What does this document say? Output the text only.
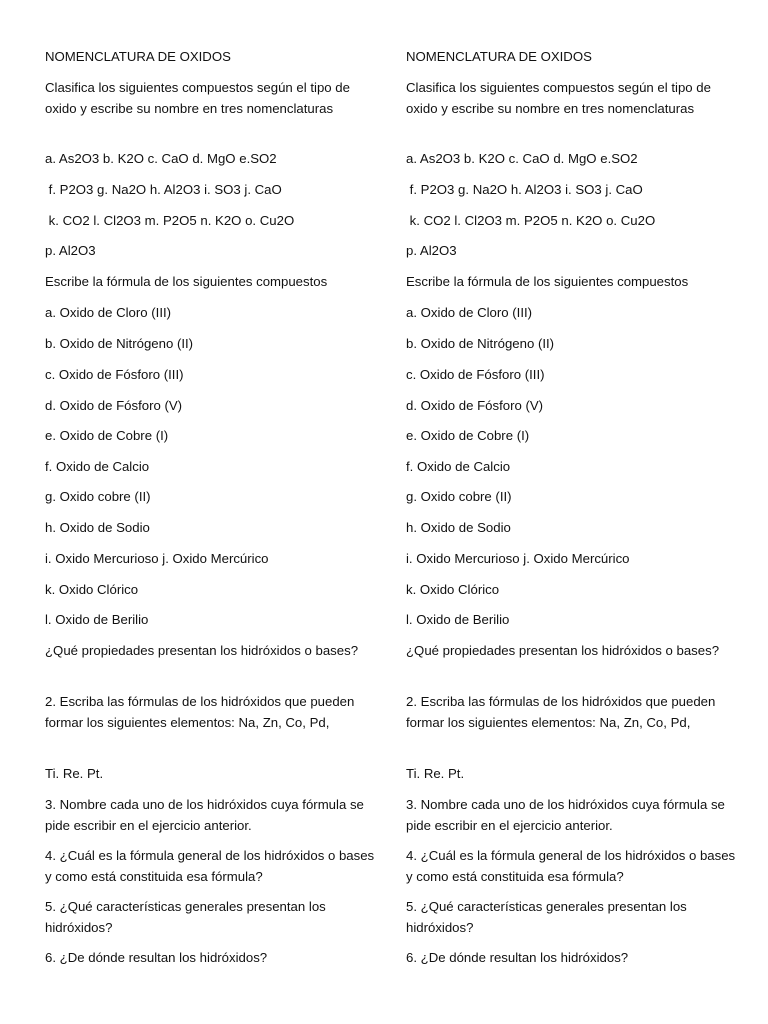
NOMENCLATURA DE OXIDOS
Clasifica los siguientes compuestos según el tipo de oxido y escribe su nombre en tres nomenclaturas
a. As2O3 b. K2O c. CaO d. MgO e.SO2
f. P2O3 g. Na2O h. Al2O3 i. SO3 j. CaO
k. CO2 l. Cl2O3 m. P2O5 n. K2O o. Cu2O
p. Al2O3
Escribe la fórmula de los siguientes compuestos
a. Oxido de Cloro (III)
b. Oxido de Nitrógeno (II)
c. Oxido de Fósforo (III)
d. Oxido de Fósforo (V)
e. Oxido de Cobre (I)
f. Oxido de Calcio
g. Oxido cobre (II)
h. Oxido de Sodio
i. Oxido Mercurioso j. Oxido Mercúrico
k. Oxido Clórico
l. Oxido de Berilio
¿Qué propiedades presentan los hidróxidos o bases?
2. Escriba las fórmulas de los hidróxidos que pueden formar los siguientes elementos: Na, Zn, Co, Pd,
Ti. Re. Pt.
3. Nombre cada uno de los hidróxidos cuya fórmula se pide escribir en el ejercicio anterior.
4. ¿Cuál es la fórmula general de los hidróxidos o bases y como está constituida esa fórmula?
5. ¿Qué características generales presentan los hidróxidos?
6. ¿De dónde resultan los hidróxidos?
NOMENCLATURA DE OXIDOS
Clasifica los siguientes compuestos según el tipo de oxido y escribe su nombre en tres nomenclaturas
a. As2O3 b. K2O c. CaO d. MgO e.SO2
f. P2O3 g. Na2O h. Al2O3 i. SO3 j. CaO
k. CO2 l. Cl2O3 m. P2O5 n. K2O o. Cu2O
p. Al2O3
Escribe la fórmula de los siguientes compuestos
a. Oxido de Cloro (III)
b. Oxido de Nitrógeno (II)
c. Oxido de Fósforo (III)
d. Oxido de Fósforo (V)
e. Oxido de Cobre (I)
f. Oxido de Calcio
g. Oxido cobre (II)
h. Oxido de Sodio
i. Oxido Mercurioso j. Oxido Mercúrico
k. Oxido Clórico
l. Oxido de Berilio
¿Qué propiedades presentan los hidróxidos o bases?
2. Escriba las fórmulas de los hidróxidos que pueden formar los siguientes elementos: Na, Zn, Co, Pd,
Ti. Re. Pt.
3. Nombre cada uno de los hidróxidos cuya fórmula se pide escribir en el ejercicio anterior.
4. ¿Cuál es la fórmula general de los hidróxidos o bases y como está constituida esa fórmula?
5. ¿Qué características generales presentan los hidróxidos?
6. ¿De dónde resultan los hidróxidos?
